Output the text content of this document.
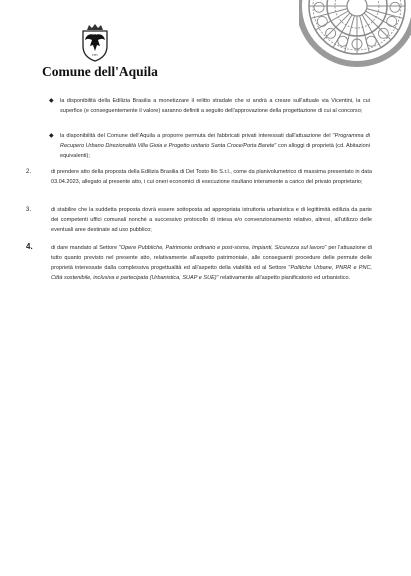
PHS
Comune dell'Aquila
◆ la disponibilità della Edilizia Brasilia a monetizzare il relitto stradale che si andrà a creare sull'attuale via Vicentini, la cui superfice (e conseguentemente il valore) saranno definiti a seguito dell'approvazione della progettazione di cui al concorso;

◆ la disponibilità del Comune dell'Aquila a proporre permuta dei fabbricati privati interessati dall'attuazione del "Programma di Recupero Urbano Direzionalità Villa Gioia e Progetto unitario Santa Croce/Porta Barete" con alloggi di proprietà (cd. Abitazioni equivalenti);

2.	di prendere atto della proposta della Edilizia Brasilia di Del Tosto Ilio S.r.l., come da planivolumetrico di massima presentato in data 03.04.2023, allegato al presente atto, i cui oneri economici di esecuzione risultano interamente a carico del privato proprietario;

3.	di stabilire che la suddetta proposta dovrà essere sottoposta ad appropriata istruttoria urbanistica e di legittimità edilizia da parte dei competenti uffici comunali nonché a successivo protocollo di intesa e/o convenzionamento relativo, altresì, all'utilizzo delle eventuali aree destinate ad uso pubblico;

4.	di dare mandato al Settore "Opere Pubbliche, Patrimonio ordinario e post-sisma, Impianti, Sicurezza sul lavoro" per l'attuazione di tutto quanto previsto nel presente atto, relativamente all'aspetto patrimoniale, alle conseguenti procedure delle permute delle proprietà interessate dalla complessiva progettualità ed all'aspetto della viabilità ed al Settore "Politiche Urbane, PNRR e PNC, Città sostenibile, inclusiva e partecipata (Urbanistica, SUAP e SUE)" relativamente all'aspetto pianificatorio ed urbanistico.
